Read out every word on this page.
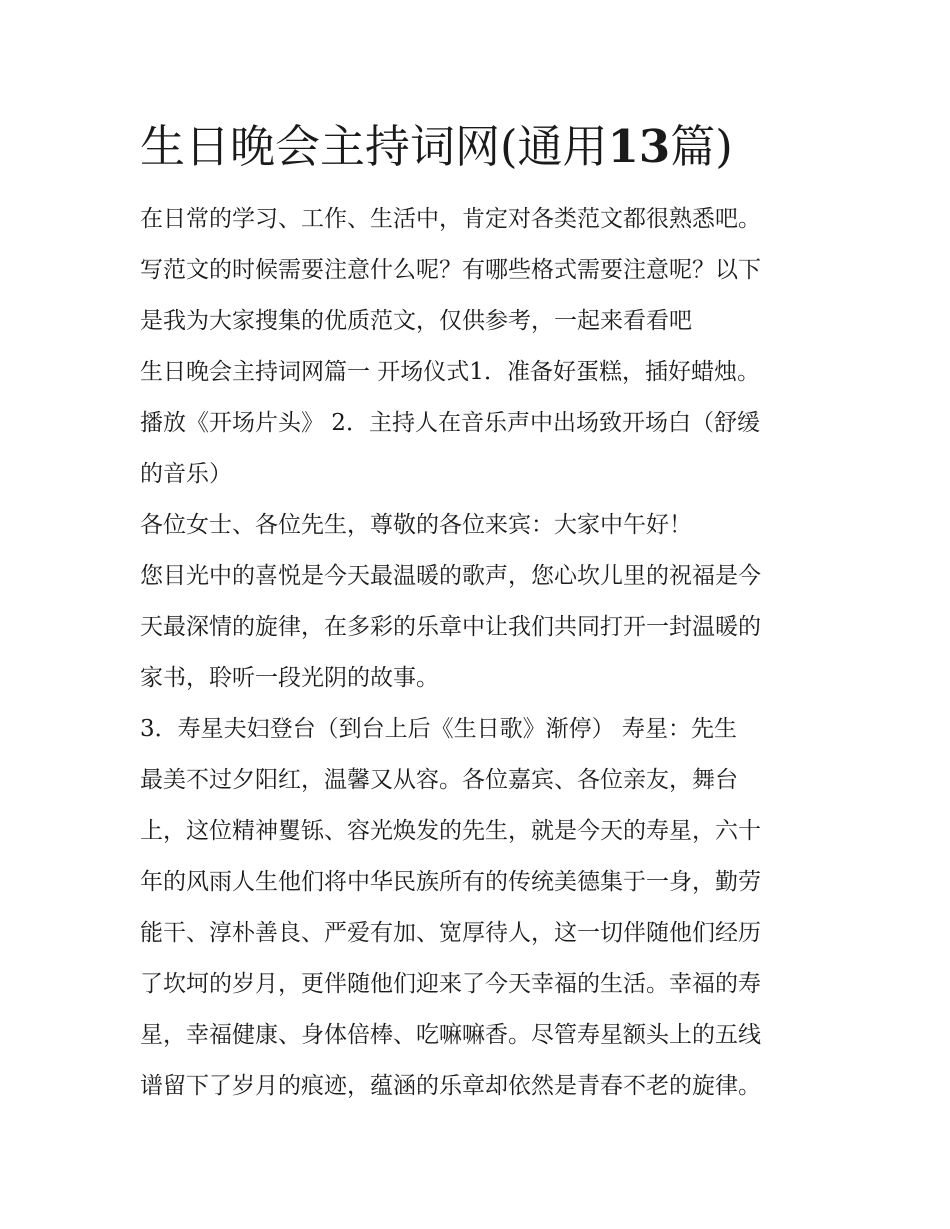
生日晚会主持词网(通用13篇)

在日常的学习、工作、生活中，肯定对各类范文都很熟悉吧。

写范文的时候需要注意什么呢？有哪些格式需要注意呢？以下

是我为大家搜集的优质范文，仅供参考，一起来看看吧

生日晚会主持词网篇一 开场仪式1．准备好蛋糕，插好蜡烛。

播放《开场片头》 2．主持人在音乐声中出场致开场白（舒缓

的音乐）

各位女士、各位先生，尊敬的各位来宾：大家中午好！

您目光中的喜悦是今天最温暖的歌声，您心坎儿里的祝福是今

天最深情的旋律，在多彩的乐章中让我们共同打开一封温暖的

家书，聆听一段光阴的故事。

3．寿星夫妇登台（到台上后《生日歌》渐停） 寿星：先生

最美不过夕阳红，温馨又从容。各位嘉宾、各位亲友，舞台

上，这位精神矍铄、容光焕发的先生，就是今天的寿星，六十

年的风雨人生他们将中华民族所有的传统美德集于一身，勤劳

能干、淳朴善良、严爱有加、宽厚待人，这一切伴随他们经历

了坎坷的岁月，更伴随他们迎来了今天幸福的生活。幸福的寿

星，幸福健康、身体倍棒、吃嘛嘛香。尽管寿星额头上的五线

谱留下了岁月的痕迹，蕴涵的乐章却依然是青春不老的旋律。
